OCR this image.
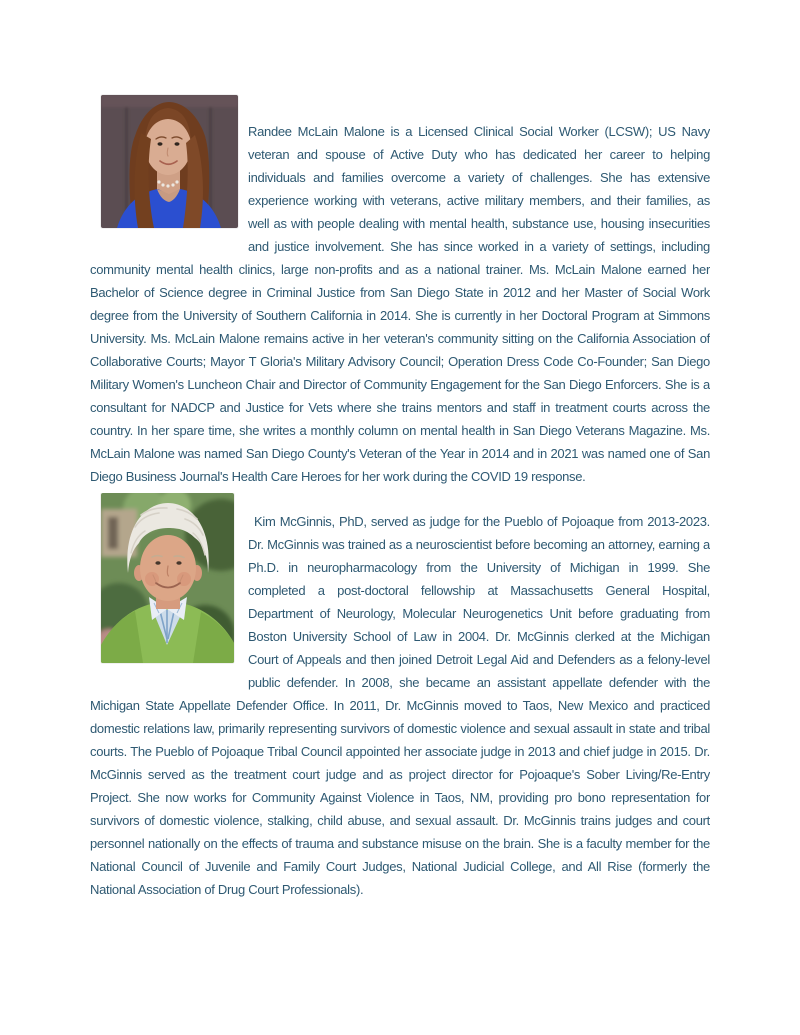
Randee McLain Malone is a Licensed Clinical Social Worker (LCSW); US Navy veteran and spouse of Active Duty who has dedicated her career to helping individuals and families overcome a variety of challenges. She has extensive experience working with veterans, active military members, and their families, as well as with people dealing with mental health, substance use, housing insecurities and justice involvement. She has since worked in a variety of settings, including community mental health clinics, large non-profits and as a national trainer. Ms. McLain Malone earned her Bachelor of Science degree in Criminal Justice from San Diego State in 2012 and her Master of Social Work degree from the University of Southern California in 2014. She is currently in her Doctoral Program at Simmons University. Ms. McLain Malone remains active in her veteran's community sitting on the California Association of Collaborative Courts; Mayor T Gloria's Military Advisory Council; Operation Dress Code Co-Founder; San Diego Military Women's Luncheon Chair and Director of Community Engagement for the San Diego Enforcers. She is a consultant for NADCP and Justice for Vets where she trains mentors and staff in treatment courts across the country. In her spare time, she writes a monthly column on mental health in San Diego Veterans Magazine. Ms. McLain Malone was named San Diego County's Veteran of the Year in 2014 and in 2021 was named one of San Diego Business Journal's Health Care Heroes for her work during the COVID 19 response.

Kim McGinnis, PhD, served as judge for the Pueblo of Pojoaque from 2013-2023. Dr. McGinnis was trained as a neuroscientist before becoming an attorney, earning a Ph.D. in neuropharmacology from the University of Michigan in 1999. She completed a post-doctoral fellowship at Massachusetts General Hospital, Department of Neurology, Molecular Neurogenetics Unit before graduating from Boston University School of Law in 2004. Dr. McGinnis clerked at the Michigan Court of Appeals and then joined Detroit Legal Aid and Defenders as a felony-level public defender. In 2008, she became an assistant appellate defender with the Michigan State Appellate Defender Office. In 2011, Dr. McGinnis moved to Taos, New Mexico and practiced domestic relations law, primarily representing survivors of domestic violence and sexual assault in state and tribal courts. The Pueblo of Pojoaque Tribal Council appointed her associate judge in 2013 and chief judge in 2015. Dr. McGinnis served as the treatment court judge and as project director for Pojoaque's Sober Living/Re-Entry Project. She now works for Community Against Violence in Taos, NM, providing pro bono representation for survivors of domestic violence, stalking, child abuse, and sexual assault. Dr. McGinnis trains judges and court personnel nationally on the effects of trauma and substance misuse on the brain. She is a faculty member for the National Council of Juvenile and Family Court Judges, National Judicial College, and All Rise (formerly the National Association of Drug Court Professionals).
